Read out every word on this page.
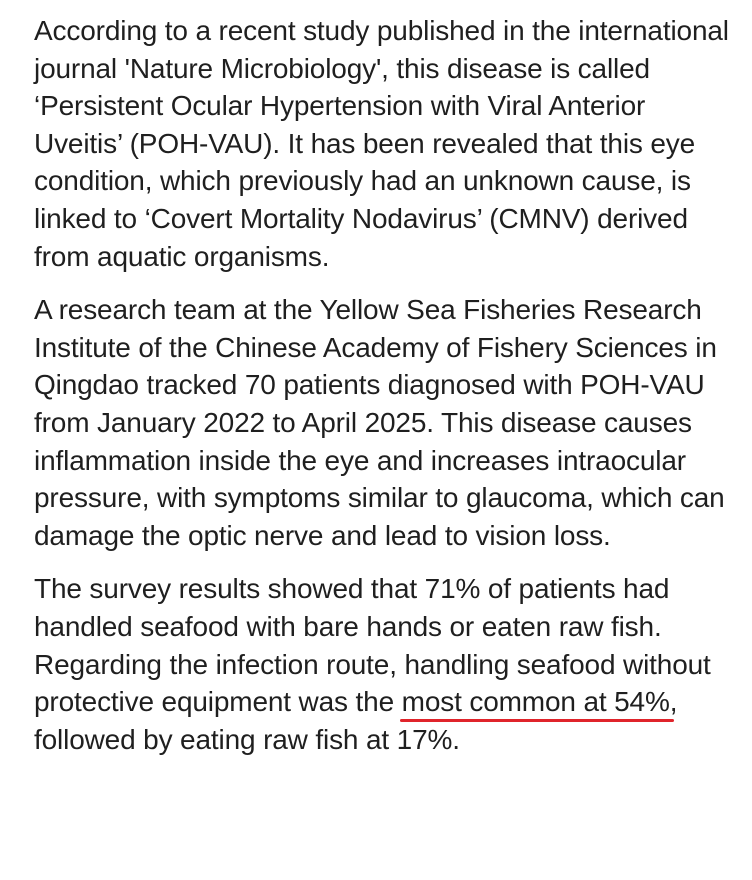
According to a recent study published in the international journal 'Nature Microbiology', this disease is called ‘Persistent Ocular Hypertension with Viral Anterior Uveitis’ (POH-VAU). It has been revealed that this eye condition, which previously had an unknown cause, is linked to ‘Covert Mortality Nodavirus’ (CMNV) derived from aquatic organisms.

A research team at the Yellow Sea Fisheries Research Institute of the Chinese Academy of Fishery Sciences in Qingdao tracked 70 patients diagnosed with POH-VAU from January 2022 to April 2025. This disease causes inflammation inside the eye and increases intraocular pressure, with symptoms similar to glaucoma, which can damage the optic nerve and lead to vision loss.

The survey results showed that 71% of patients had handled seafood with bare hands or eaten raw fish. Regarding the infection route, handling seafood without protective equipment was the most common at 54%, followed by eating raw fish at 17%.
